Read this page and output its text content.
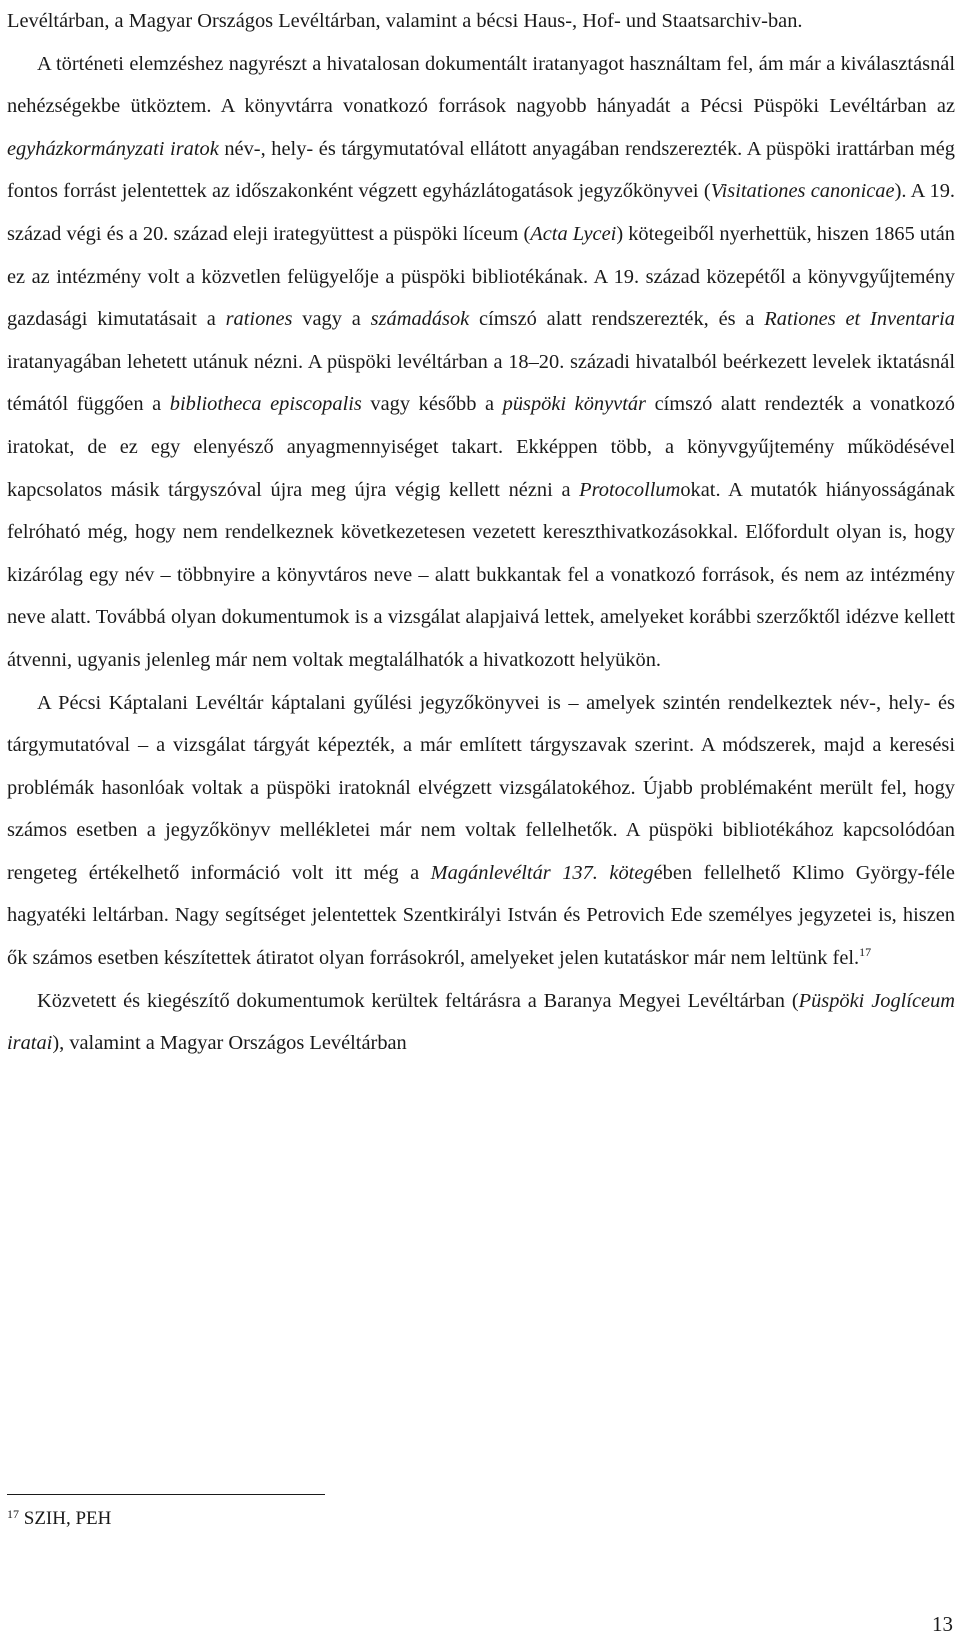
Levéltárban, a Magyar Országos Levéltárban, valamint a bécsi Haus-, Hof- und Staatsarchiv-ban.

A történeti elemzéshez nagyrészt a hivatalosan dokumentált iratanyagot használtam fel, ám már a kiválasztásnál nehézségekbe ütköztem. A könyvtárra vonatkozó források nagyobb hányadát a Pécsi Püspöki Levéltárban az egyházkormányzati iratok név-, hely- és tárgymutatóval ellátott anyagában rendszerezték. A püspöki irattárban még fontos forrást jelentettek az időszakonként végzett egyházlátogatások jegyzőkönyvei (Visitationes canonicae). A 19. század végi és a 20. század eleji irategyüttest a püspöki líceum (Acta Lycei) kötegeiből nyerhettük, hiszen 1865 után ez az intézmény volt a közvetlen felügyelője a püspöki bibliotékának. A 19. század közepétől a könyvgyűjtemény gazdasági kimutatásait a rationes vagy a számadások címszó alatt rendszerezték, és a Rationes et Inventaria iratanyagában lehetett utánuk nézni. A püspöki levéltárban a 18–20. századi hivatalból beérkezett levelek iktatásnál témától függően a bibliotheca episcopalis vagy később a püspöki könyvtár címszó alatt rendezték a vonatkozó iratokat, de ez egy elenyésző anyagmennyiséget takart. Ekképpen több, a könyvgyűjtemény működésével kapcsolatos másik tárgyszóval újra meg újra végig kellett nézni a Protocollumokat. A mutatók hiányosságának felróható még, hogy nem rendelkeznek következetesen vezetett kereszthivatkozásokkal. Előfordult olyan is, hogy kizárólag egy név – többnyire a könyvtáros neve – alatt bukkantak fel a vonatkozó források, és nem az intézmény neve alatt. Továbbá olyan dokumentumok is a vizsgálat alapjaivá lettek, amelyeket korábbi szerzőktől idézve kellett átvenni, ugyanis jelenleg már nem voltak megtalálhatók a hivatkozott helyükön.

A Pécsi Káptalani Levéltár káptalani gyűlési jegyzőkönyvei is – amelyek szintén rendelkeztek név-, hely- és tárgymutatóval – a vizsgálat tárgyát képezték, a már említett tárgyszavak szerint. A módszerek, majd a keresési problémák hasonlóak voltak a püspöki iratoknál elvégzett vizsgálatokéhoz. Újabb problémaként merült fel, hogy számos esetben a jegyzőkönyv mellékletei már nem voltak fellelhetők. A püspöki bibliotékához kapcsolódóan rengeteg értékelhető információ volt itt még a Magánlevéltár 137. kötegében fellelhető Klimo György-féle hagyatéki leltárban. Nagy segítséget jelentettek Szentkirályi István és Petrovich Ede személyes jegyzetei is, hiszen ők számos esetben készítettek átiratot olyan forrásokról, amelyeket jelen kutatáskor már nem leltünk fel.$^{17}$

Közvetett és kiegészítő dokumentumok kerültek feltárásra a Baranya Megyei Levéltárban (Püspöki Joglíceum iratai), valamint a Magyar Országos Levéltárban

$^{17}$ SZIH, PEH
13
